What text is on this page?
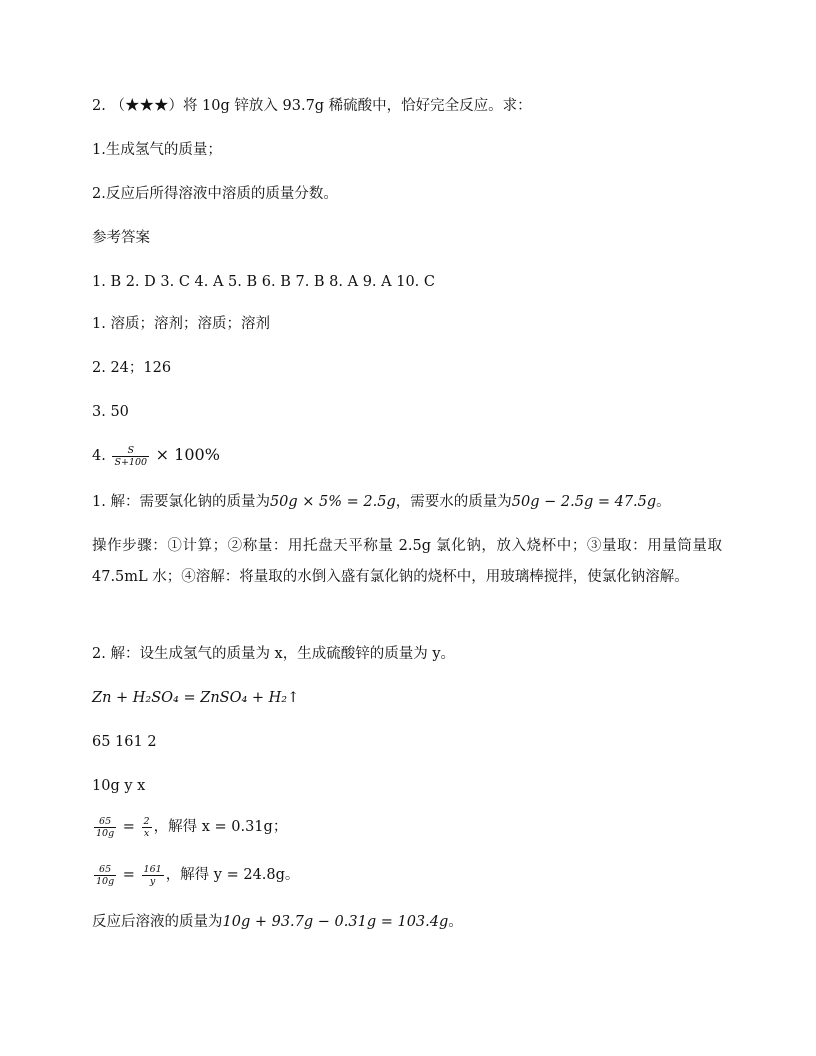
2. （★★★）将 10g 锌放入 93.7g 稀硫酸中，恰好完全反应。求：
1.生成氢气的质量；
2.反应后所得溶液中溶质的质量分数。
参考答案
1. B 2. D 3. C 4. A 5. B 6. B 7. B 8. A 9. A 10. C
1. 溶质；溶剂；溶质；溶剂
2. 24；126
3. 50
4. $\frac{S}{S+100} \times 100\%$
1. 解：需要氯化钠的质量为50g × 5% = 2.5g，需要水的质量为50g − 2.5g = 47.5g。
操作步骤：①计算；②称量：用托盘天平称量 2.5g 氯化钠，放入烧杯中；③量取：用量筒量取 47.5mL 水；④溶解：将量取的水倒入盛有氯化钠的烧杯中，用玻璃棒搅拌，使氯化钠溶解。
2. 解：设生成氢气的质量为 x，生成硫酸锌的质量为 y。
Zn + H₂SO₄ = ZnSO₄ + H₂↑
65 161 2
10g y x
$\frac{65}{10g} = \frac{2}{x}$ ，解得 x = 0.31g；
$\frac{65}{10g} = \frac{161}{y}$ ，解得 y = 24.8g。
反应后溶液的质量为10g + 93.7g − 0.31g = 103.4g。
